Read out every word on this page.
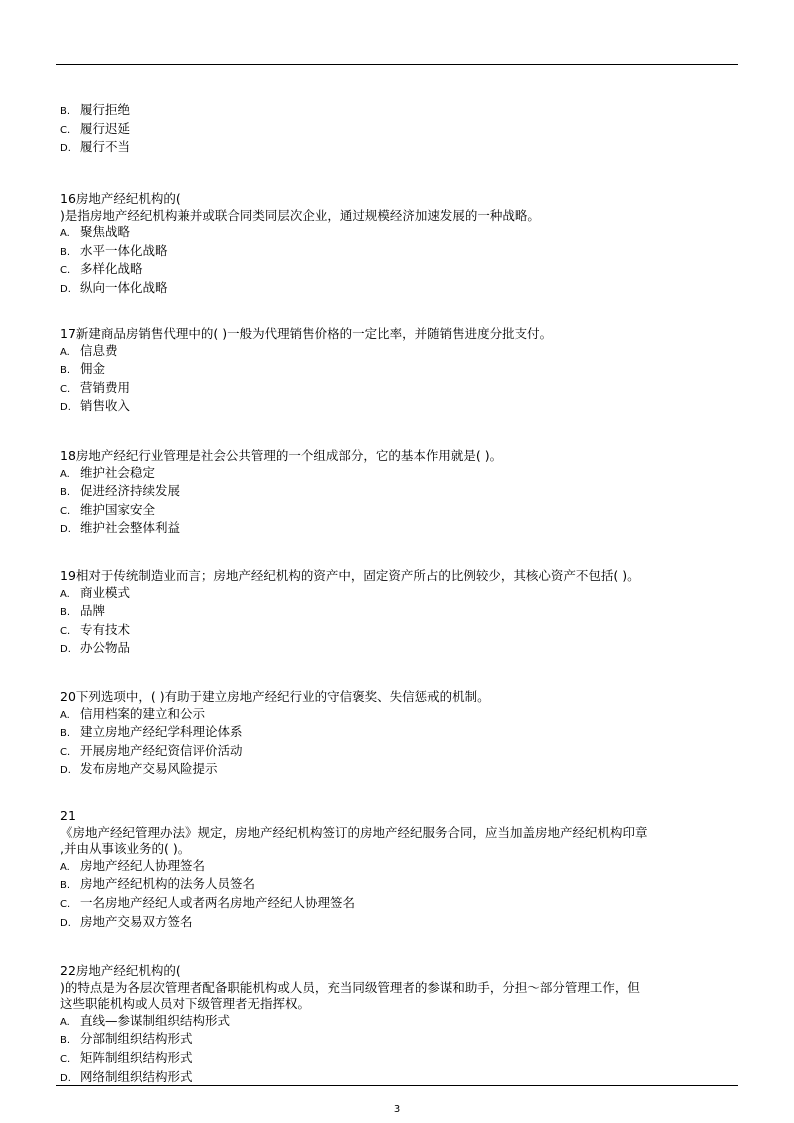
B. 履行拒绝
C. 履行迟延
D. 履行不当
16房地产经纪机构的(
)是指房地产经纪机构兼并或联合同类同层次企业，通过规模经济加速发展的一种战略。
A. 聚焦战略
B. 水平一体化战略
C. 多样化战略
D. 纵向一体化战略
17新建商品房销售代理中的( )一般为代理销售价格的一定比率，并随销售进度分批支付。
A. 信息费
B. 佣金
C. 营销费用
D. 销售收入
18房地产经纪行业管理是社会公共管理的一个组成部分，它的基本作用就是( )。
A. 维护社会稳定
B. 促进经济持续发展
C. 维护国家安全
D. 维护社会整体利益
19相对于传统制造业而言；房地产经纪机构的资产中，固定资产所占的比例较少，其核心资产不包括( )。
A. 商业模式
B. 品牌
C. 专有技术
D. 办公物品
20下列选项中，( )有助于建立房地产经纪行业的守信褒奖、失信惩戒的机制。
A. 信用档案的建立和公示
B. 建立房地产经纪学科理论体系
C. 开展房地产经纪资信评价活动
D. 发布房地产交易风险提示
21
《房地产经纪管理办法》规定，房地产经纪机构签订的房地产经纪服务合同，应当加盖房地产经纪机构印章
,并由从事该业务的( )。
A. 房地产经纪人协理签名
B. 房地产经纪机构的法务人员签名
C. 一名房地产经纪人或者两名房地产经纪人协理签名
D. 房地产交易双方签名
22房地产经纪机构的(
)的特点是为各层次管理者配备职能机构或人员，充当同级管理者的参谋和助手，分担～部分管理工作，但
这些职能机构或人员对下级管理者无指挥权。
A. 直线—参谋制组织结构形式
B. 分部制组织结构形式
C. 矩阵制组织结构形式
D. 网络制组织结构形式
3
